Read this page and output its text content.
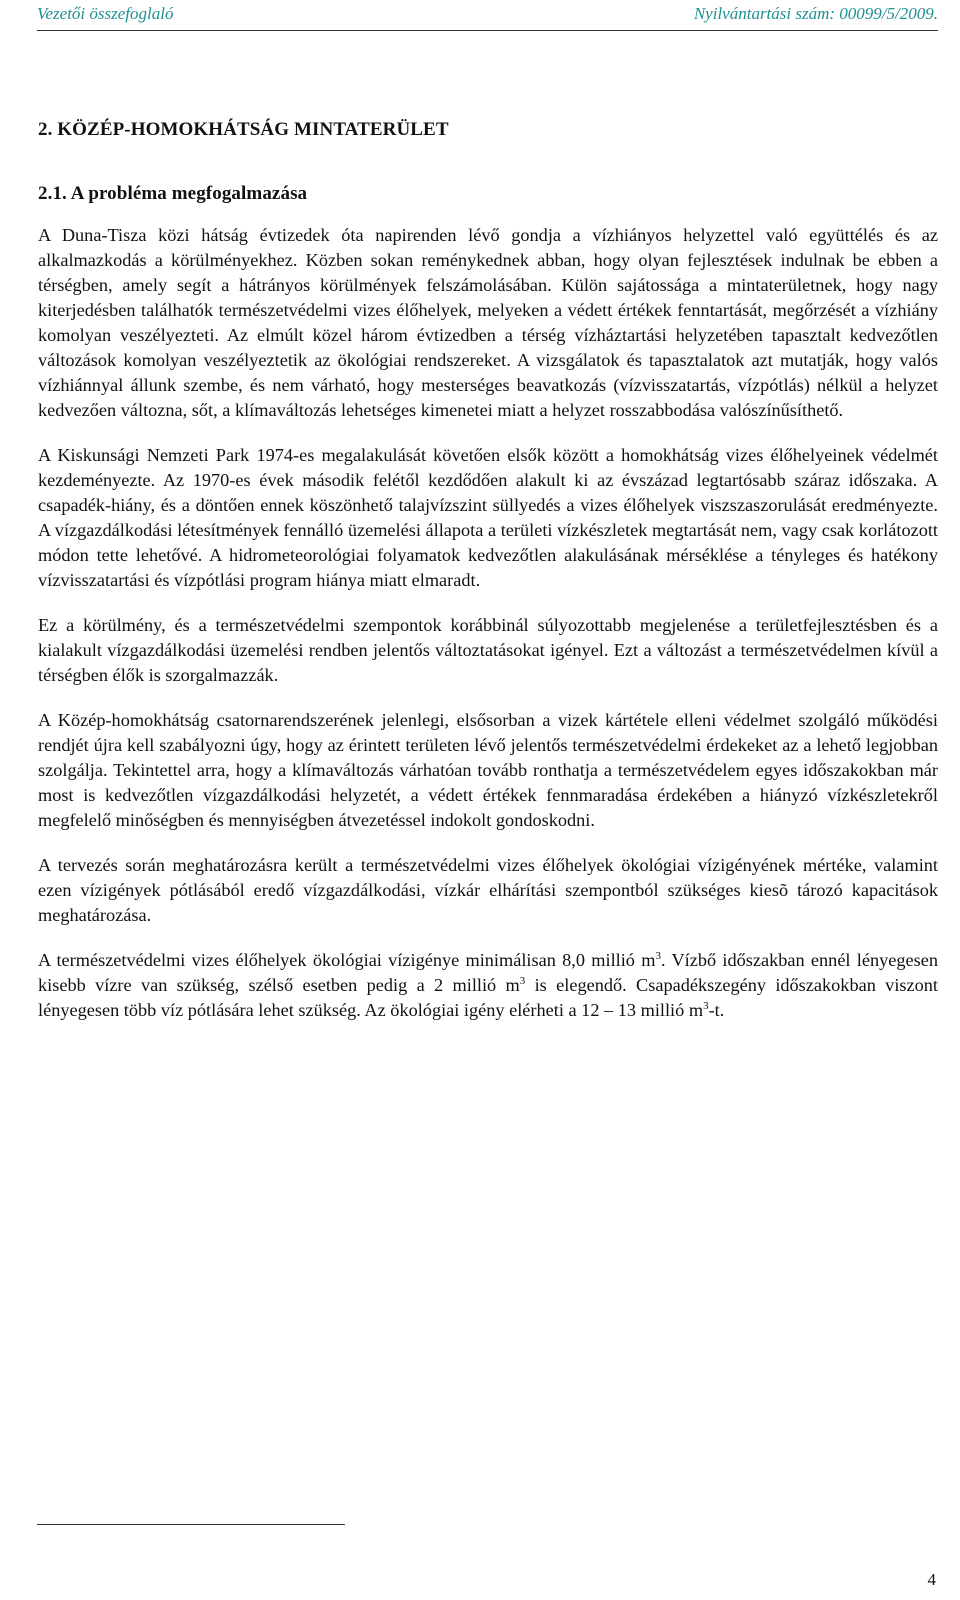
Vezetői összefoglaló	Nyilvántartási szám: 00099/5/2009.
2. KÖZÉP-HOMOKHÁTSÁG MINTATERÜLET
2.1. A probléma megfogalmazása

A Duna-Tisza közi hátság évtizedek óta napirenden lévő gondja a vízhiányos helyzettel való együttélés és az alkalmazkodás a körülményekhez. Közben sokan reménykednek abban, hogy olyan fejlesztések indulnak be ebben a térségben, amely segít a hátrányos körülmények felszámolásában. Külön sajátossága a mintaterületnek, hogy nagy kiterjedésben találhatók természetvédelmi vizes élőhelyek, melyeken a védett értékek fenntartását, megőrzését a vízhiány komolyan veszélyezteti. Az elmúlt közel három évtizedben a térség vízháztartási helyzetében tapasztalt kedvezőtlen változások komolyan veszélyeztetik az ökológiai rendszereket. A vizsgálatok és tapasztalatok azt mutatják, hogy valós vízhiánnyal állunk szembe, és nem várható, hogy mesterséges beavatkozás (vízvisszatartás, vízpótlás) nélkül a helyzet kedvezően változna, sőt, a klímaváltozás lehetséges kimenetei miatt a helyzet rosszabbodása valószínűsíthető.

A Kiskunsági Nemzeti Park 1974-es megalakulását követően elsők között a homokhátság vizes élőhelyeinek védelmét kezdeményezte. Az 1970-es évek második felétől kezdődően alakult ki az évszázad legtartósabb száraz időszaka. A csapadék-hiány, és a döntően ennek köszönhető talajvízszint süllyedés a vizes élőhelyek viszszaszorulását eredményezte. A vízgazdálkodási létesítmények fennálló üzemelési állapota a területi vízkészletek megtartását nem, vagy csak korlátozott módon tette lehetővé. A hidrometeorológiai folyamatok kedvezőtlen alakulásának mérséklése a tényleges és hatékony vízvisszatartási és vízpótlási program hiánya miatt elmaradt.

Ez a körülmény, és a természetvédelmi szempontok korábbinál súlyozottabb megjelenése a területfejlesztésben és a kialakult vízgazdálkodási üzemelési rendben jelentős változtatásokat igényel. Ezt a változást a természetvédelmen kívül a térségben élők is szorgalmazzák.

A Közép-homokhátság csatornarendszerének jelenlegi, elsősorban a vizek kártétele elleni védelmet szolgáló működési rendjét újra kell szabályozni úgy, hogy az érintett területen lévő jelentős természetvédelmi érdekeket az a lehető legjobban szolgálja. Tekintettel arra, hogy a klímaváltozás várhatóan tovább ronthatja a természetvédelem egyes időszakokban már most is kedvezőtlen vízgazdálkodási helyzetét, a védett értékek fennmaradása érdekében a hiányzó vízkészletekről megfelelő minőségben és mennyiségben átvezetéssel indokolt gondoskodni.

A tervezés során meghatározásra került a természetvédelmi vizes élőhelyek ökológiai vízigényének mértéke, valamint ezen vízigények pótlásából eredő vízgazdálkodási, vízkár elhárítási szempontból szükséges kiesõ tározó kapacitások meghatározása.

A természetvédelmi vizes élőhelyek ökológiai vízigénye minimálisan 8,0 millió $m^3$. Vízbő időszakban ennél lényegesen kisebb vízre van szükség, szélső esetben pedig a 2 millió $m^3$ is elegendő. Csapadékszegény időszakokban viszont lényegesen több víz pótlására lehet szükség. Az ökológiai igény elérheti a 12 – 13 millió $m^3-t$.

4
